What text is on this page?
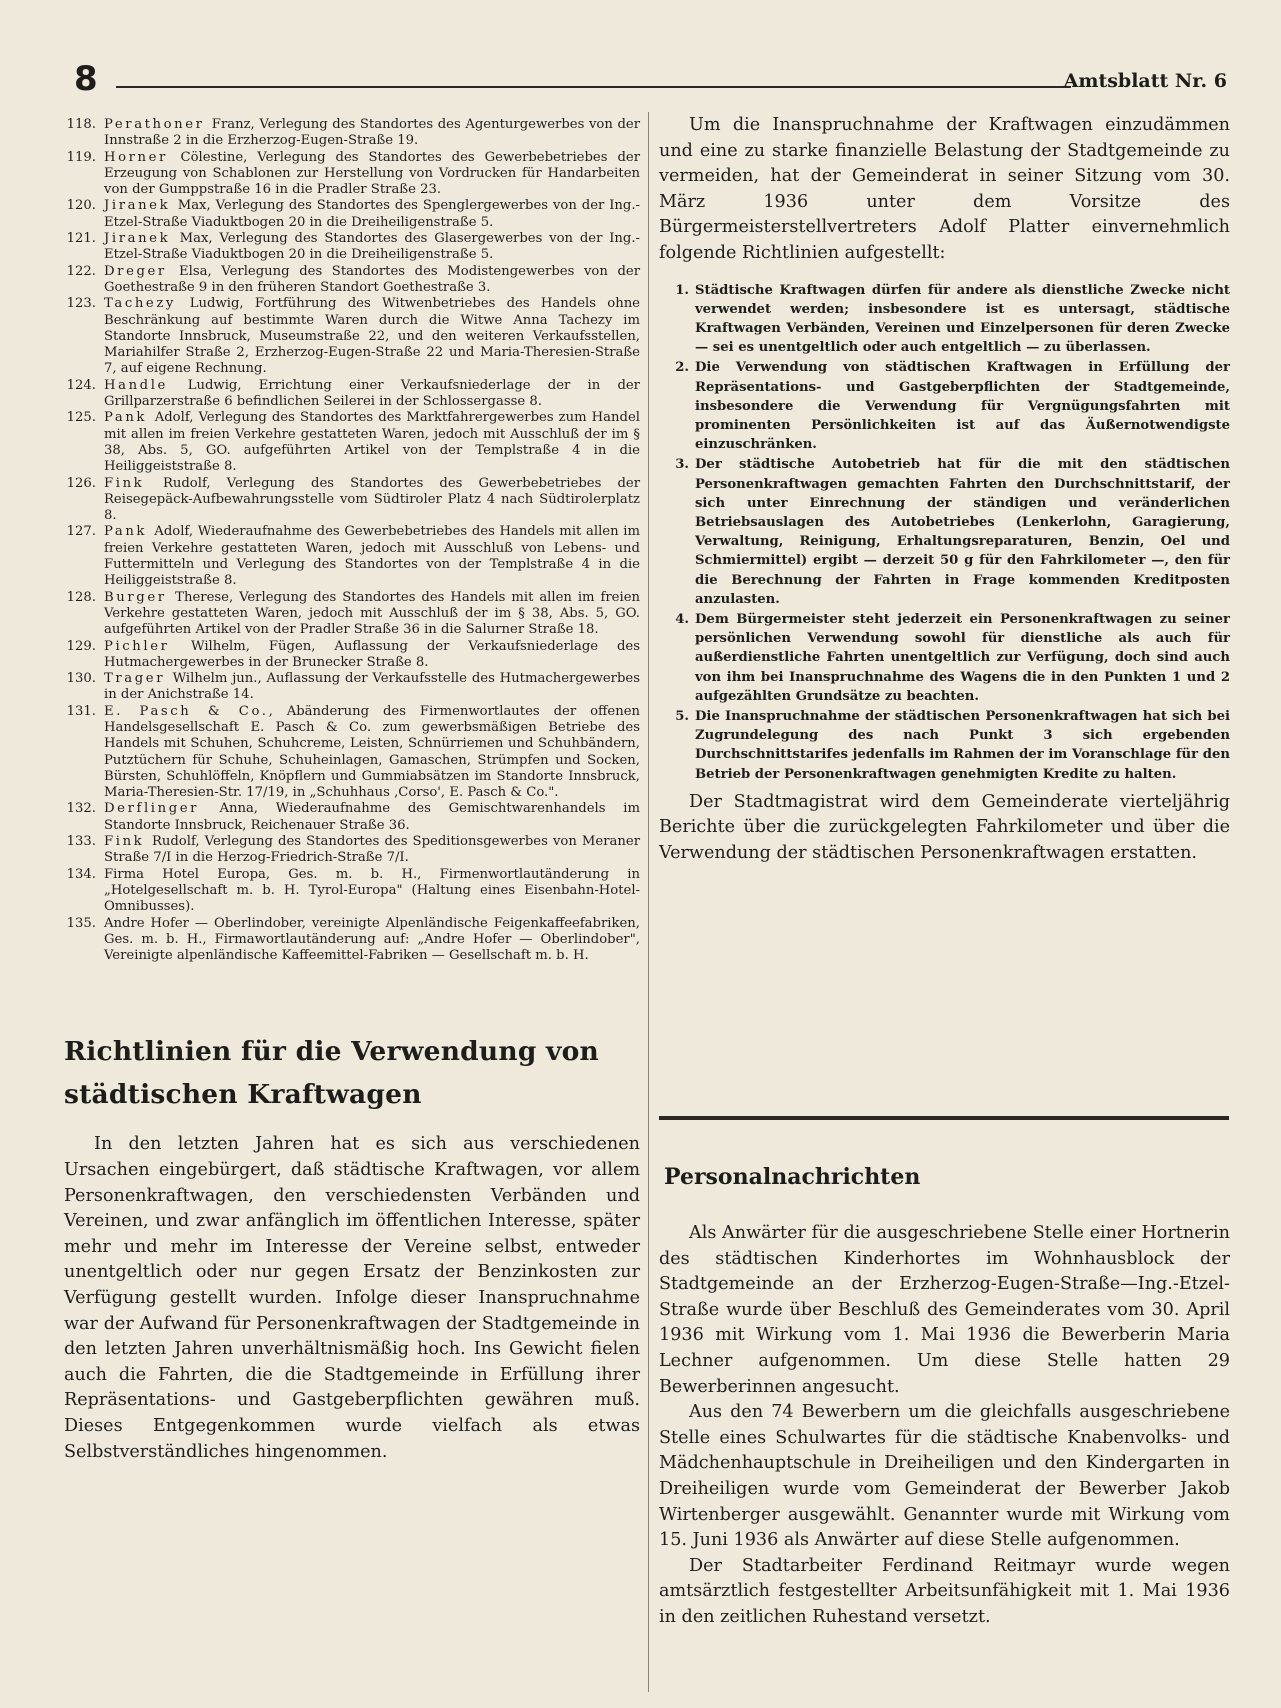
8	Amtsblatt Nr. 6
118. Perathoner Franz, Verlegung des Standortes des Agenturgewerbes von der Innstraße 2 in die Erzherzog-Eugen-Straße 19.
119. Horner Cölestine, Verlegung des Standortes des Gewerbebetriebes der Erzeugung von Schablonen zur Herstellung von Vordrucken für Handarbeiten von der Gumppstraße 16 in die Pradler Straße 23.
120. Jiranek Max, Verlegung des Standortes des Spenglergewerbes von der Ing.-Etzel-Straße Viaduktbogen 20 in die Dreiheiligenstraße 5.
121. Jiranek Max, Verlegung des Standortes des Glasergewerbes von der Ing.-Etzel-Straße Viaduktbogen 20 in die Dreiheiligenstraße 5.
122. Dreger Elsa, Verlegung des Standortes des Modistengewerbes von der Goethestraße 9 in den früheren Standort Goethestraße 3.
123. Tachezy Ludwig, Fortführung des Witwenbetriebes des Handels ohne Beschränkung auf bestimmte Waren durch die Witwe Anna Tachezy im Standorte Innsbruck, Museumstraße 22, und den weiteren Verkaufsstellen, Mariahilfer Straße 2, Erzherzog-Eugen-Straße 22 und Maria-Theresien-Straße 7, auf eigene Rechnung.
124. Handle Ludwig, Errichtung einer Verkaufsniederlage der in der Grillparzerstraße 6 befindlichen Seilerei in der Schlossergasse 8.
125. Pank Adolf, Verlegung des Standortes des Marktfahrergewerbes zum Handel mit allen im freien Verkehre gestatteten Waren, jedoch mit Ausschluß der im § 38, Abs. 5, GO. aufgeführten Artikel von der Templstraße 4 in die Heiliggeiststraße 8.
126. Fink Rudolf, Verlegung des Standortes des Gewerbebetriebes der Reisegepäck-Aufbewahrungsstelle vom Südtiroler Platz 4 nach Südtirolerplatz 8.
127. Pank Adolf, Wiederaufnahme des Gewerbebetriebes des Handels mit allen im freien Verkehre gestatteten Waren, jedoch mit Ausschluß von Lebens- und Futtermitteln und Verlegung des Standortes von der Templstraße 4 in die Heiliggeiststraße 8.
128. Burger Therese, Verlegung des Standortes des Handels mit allen im freien Verkehre gestatteten Waren, jedoch mit Ausschluß der im § 38, Abs. 5, GO. aufgeführten Artikel von der Pradler Straße 36 in die Salurner Straße 18.
129. Pichler Wilhelm, Fügen, Auflassung der Verkaufsniederlage des Hutmachergewerbes in der Brunecker Straße 8.
130. Trager Wilhelm jun., Auflassung der Verkaufsstelle des Hutmachergewerbes in der Anichstraße 14.
131. E. Pasch & Co., Abänderung des Firmenwortlautes der offenen Handelsgesellschaft E. Pasch & Co. zum gewerbsmäßigen Betriebe des Handels mit Schuhen, Schuhcreme, Leisten, Schnürriemen und Schuhbändern, Putztüchern für Schuhe, Schuheinlagen, Gamaschen, Strümpfen und Socken, Bürsten, Schuhlöffeln, Knöpflern und Gummiabsätzen im Standorte Innsbruck, Maria-Theresien-Str. 17/19, in „Schuhhaus ,Corso', E. Pasch & Co.".
132. Derflinger Anna, Wiederaufnahme des Gemischtwarenhandels im Standorte Innsbruck, Reichenauer Straße 36.
133. Fink Rudolf, Verlegung des Standortes des Speditionsgewerbes von Meraner Straße 7/I in die Herzog-Friedrich-Straße 7/I.
134. Firma Hotel Europa, Ges. m. b. H., Firmenwortlautänderung in „Hotelgesellschaft m. b. H. Tyrol-Europa" (Haltung eines Eisenbahn-Hotel-Omnibusses).
135. Andre Hofer — Oberlindober, vereinigte Alpenländische Feigenkaffeefabriken, Ges. m. b. H., Firmawortlautänderung auf: „Andre Hofer — Oberlindober", Vereinigte alpenländische Kaffeemittel-Fabriken — Gesellschaft m. b. H.
Richtlinien für die Verwendung von städtischen Kraftwagen

In den letzten Jahren hat es sich aus verschiedenen Ursachen eingebürgert, daß städtische Kraftwagen, vor allem Personenkraftwagen, den verschiedensten Verbänden und Vereinen, und zwar anfänglich im öffentlichen Interesse, später mehr und mehr im Interesse der Vereine selbst, entweder unentgeltlich oder nur gegen Ersatz der Benzinkosten zur Verfügung gestellt wurden. Infolge dieser Inanspruchnahme war der Aufwand für Personenkraftwagen der Stadtgemeinde in den letzten Jahren unverhältnismäßig hoch. Ins Gewicht fielen auch die Fahrten, die die Stadtgemeinde in Erfüllung ihrer Repräsentations- und Gastgeberpflichten gewähren muß. Dieses Entgegenkommen wurde vielfach als etwas Selbstverständliches hingenommen.

Um die Inanspruchnahme der Kraftwagen einzudämmen und eine zu starke finanzielle Belastung der Stadtgemeinde zu vermeiden, hat der Gemeinderat in seiner Sitzung vom 30. März 1936 unter dem Vorsitze des Bürgermeisterstellvertreters Adolf Platter einvernehmlich folgende Richtlinien aufgestellt:

1. Städtische Kraftwagen dürfen für andere als dienstliche Zwecke nicht verwendet werden; insbesondere ist es untersagt, städtische Kraftwagen Verbänden, Vereinen und Einzelpersonen für deren Zwecke — sei es unentgeltlich oder auch entgeltlich — zu überlassen.
2. Die Verwendung von städtischen Kraftwagen in Erfüllung der Repräsentations- und Gastgeberpflichten der Stadtgemeinde, insbesondere die Verwendung für Vergnügungsfahrten mit prominenten Persönlichkeiten ist auf das Äußernotwendigste einzuschränken.
3. Der städtische Autobetrieb hat für die mit den städtischen Personenkraftwagen gemachten Fahrten den Durchschnittstarif, der sich unter Einrechnung der ständigen und veränderlichen Betriebsauslagen des Autobetriebes (Lenkerlohn, Garagierung, Verwaltung, Reinigung, Erhaltungsreparaturen, Benzin, Oel und Schmiermittel) ergibt — derzeit 50 g für den Fahrkilometer —, den für die Berechnung der Fahrten in Frage kommenden Kreditposten anzulasten.
4. Dem Bürgermeister steht jederzeit ein Personenkraftwagen zu seiner persönlichen Verwendung sowohl für dienstliche als auch für außerdienstliche Fahrten unentgeltlich zur Verfügung, doch sind auch von ihm bei Inanspruchnahme des Wagens die in den Punkten 1 und 2 aufgezählten Grundsätze zu beachten.
5. Die Inanspruchnahme der städtischen Personenkraftwagen hat sich bei Zugrundelegung des nach Punkt 3 sich ergebenden Durchschnittstarifes jedenfalls im Rahmen der im Voranschlage für den Betrieb der Personenkraftwagen genehmigten Kredite zu halten.

Der Stadtmagistrat wird dem Gemeinderate vierteljährig Berichte über die zurückgelegten Fahrkilometer und über die Verwendung der städtischen Personenkraftwagen erstatten.

Personalnachrichten

Als Anwärter für die ausgeschriebene Stelle einer Hortnerin des städtischen Kinderhortes im Wohnhausblock der Stadtgemeinde an der Erzherzog-Eugen-Straße—Ing.-Etzel-Straße wurde über Beschluß des Gemeinderates vom 30. April 1936 mit Wirkung vom 1. Mai 1936 die Bewerberin Maria Lechner aufgenommen. Um diese Stelle hatten 29 Bewerberinnen angesucht.

Aus den 74 Bewerbern um die gleichfalls ausgeschriebene Stelle eines Schulwartes für die städtische Knabenvolks- und Mädchenhauptschule in Dreiheiligen und den Kindergarten in Dreiheiligen wurde vom Gemeinderat der Bewerber Jakob Wirtenberger ausgewählt. Genannter wurde mit Wirkung vom 15. Juni 1936 als Anwärter auf diese Stelle aufgenommen.

Der Stadtarbeiter Ferdinand Reitmayr wurde wegen amtsärztlich festgestellter Arbeitsunfähigkeit mit 1. Mai 1936 in den zeitlichen Ruhestand versetzt.
